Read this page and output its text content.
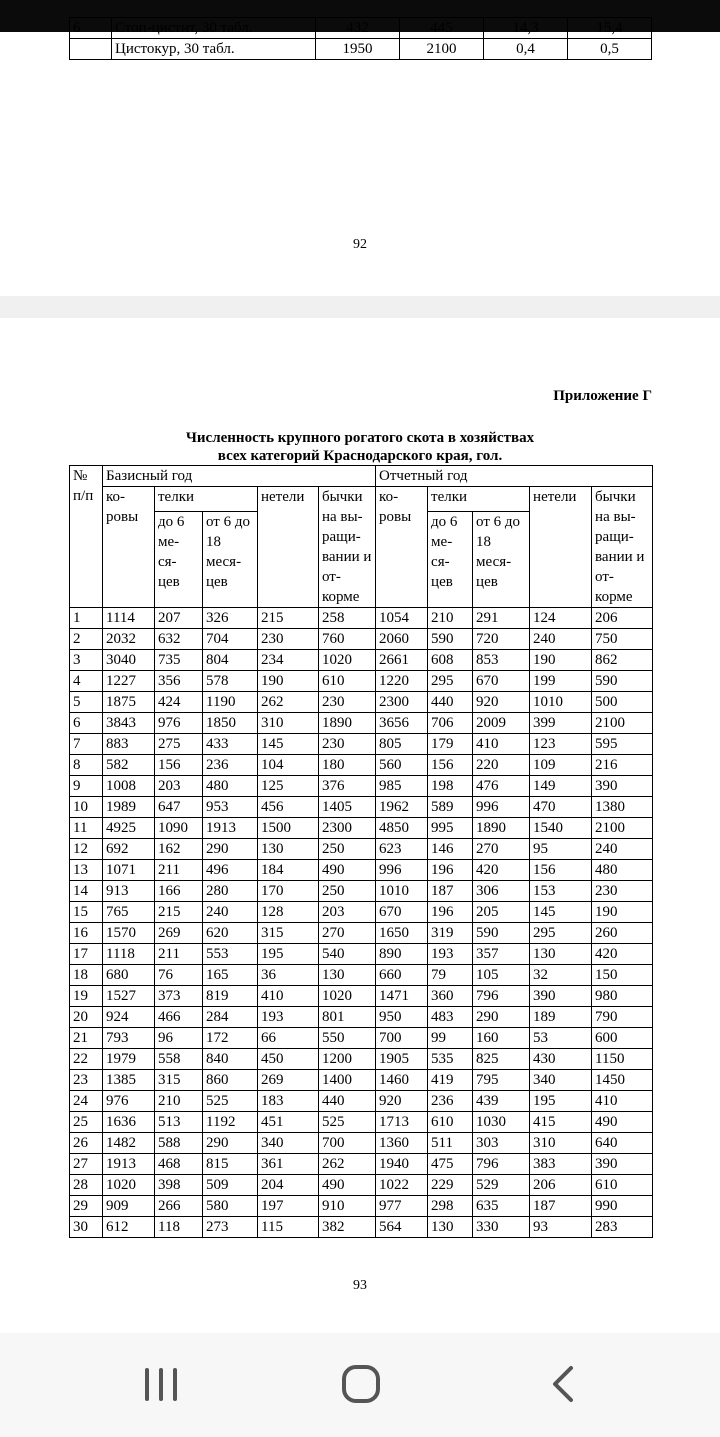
6	Стоп-цистит, 30 табл.	432	445	14,3	15,4
	Цистокур, 30 табл.	1950	2100	0,4	0,5
92
Приложение Г
Численность крупного рогатого скота в хозяйствах
всех категорий Краснодарского края, гол.
№ п/п	Базисный год					Отчетный год				
	ко- ровы	телки		нетели	бычки на вы- ращи- вании и от- корме	ко- ровы	телки		нетели	бычки на вы- ращи- вании и от- корме
		до 6 ме- ся- цев	от 6 до 18 меся- цев				до 6 ме- ся- цев	от 6 до 18 меся- цев		
1	1114	207	326	215	258	1054	210	291	124	206
2	2032	632	704	230	760	2060	590	720	240	750
3	3040	735	804	234	1020	2661	608	853	190	862
4	1227	356	578	190	610	1220	295	670	199	590
5	1875	424	1190	262	230	2300	440	920	1010	500
6	3843	976	1850	310	1890	3656	706	2009	399	2100
7	883	275	433	145	230	805	179	410	123	595
8	582	156	236	104	180	560	156	220	109	216
9	1008	203	480	125	376	985	198	476	149	390
10	1989	647	953	456	1405	1962	589	996	470	1380
11	4925	1090	1913	1500	2300	4850	995	1890	1540	2100
12	692	162	290	130	250	623	146	270	95	240
13	1071	211	496	184	490	996	196	420	156	480
14	913	166	280	170	250	1010	187	306	153	230
15	765	215	240	128	203	670	196	205	145	190
16	1570	269	620	315	270	1650	319	590	295	260
17	1118	211	553	195	540	890	193	357	130	420
18	680	76	165	36	130	660	79	105	32	150
19	1527	373	819	410	1020	1471	360	796	390	980
20	924	466	284	193	801	950	483	290	189	790
21	793	96	172	66	550	700	99	160	53	600
22	1979	558	840	450	1200	1905	535	825	430	1150
23	1385	315	860	269	1400	1460	419	795	340	1450
24	976	210	525	183	440	920	236	439	195	410
25	1636	513	1192	451	525	1713	610	1030	415	490
26	1482	588	290	340	700	1360	511	303	310	640
27	1913	468	815	361	262	1940	475	796	383	390
28	1020	398	509	204	490	1022	229	529	206	610
29	909	266	580	197	910	977	298	635	187	990
30	612	118	273	115	382	564	130	330	93	283
93
